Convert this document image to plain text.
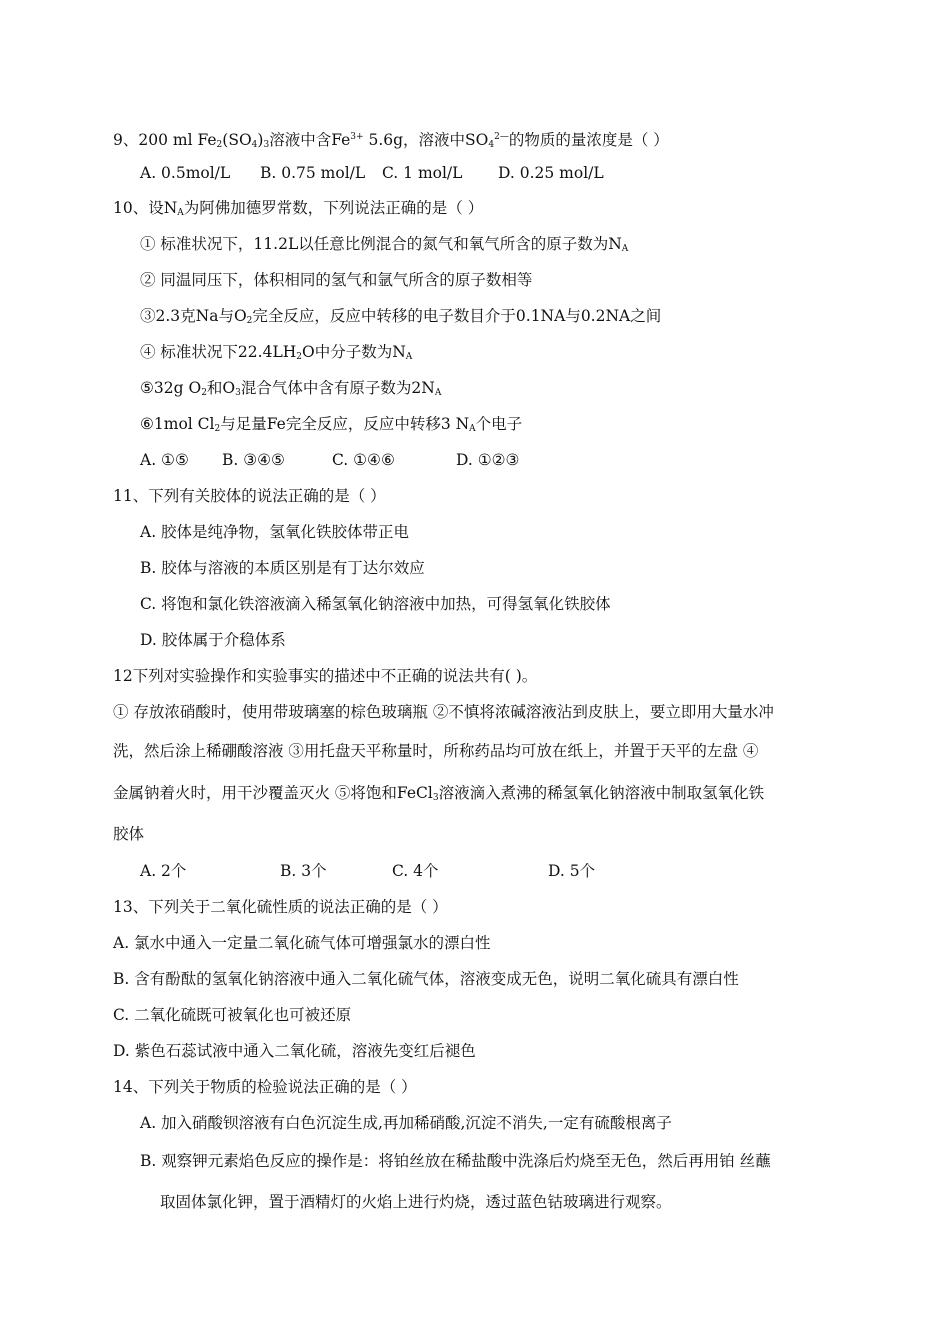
9、200 ml $Fe_2(SO_4)_3$溶液中含$Fe^{3+}$ 5.6g，溶液中$SO_4^{2—}$的物质的量浓度是（ ）
A. 0.5mol/L B. 0.75 mol/L C. 1 mol/L D. 0.25 mol/L
10、设$N_A$为阿佛加德罗常数，下列说法正确的是（ ）
① 标准状况下，11.2L以任意比例混合的氮气和氧气所含的原子数为$N_A$
② 同温同压下，体积相同的氢气和氩气所含的原子数相等
③2.3克Na与$O_2$完全反应，反应中转移的电子数目介于0.1NA与0.2NA之间
④ 标准状况下$22.4LH_2O$中分子数为$N_A$
⑤32g $O_2$和$O_3$混合气体中含有原子数为$2N_A$
⑥1mol $Cl_2$与足量Fe完全反应，反应中转移3 $N_A$个电子
A. ①⑤ B. ③④⑤	C. ①④⑥	D. ①②③
11、下列有关胶体的说法正确的是（ ）
A. 胶体是纯净物，氢氧化铁胶体带正电
B. 胶体与溶液的本质区别是有丁达尔效应
C. 将饱和氯化铁溶液滴入稀氢氧化钠溶液中加热，可得氢氧化铁胶体
D. 胶体属于介稳体系
12下列对实验操作和实验事实的描述中不正确的说法共有( )。
① 存放浓硝酸时，使用带玻璃塞的棕色玻璃瓶 ②不慎将浓碱溶液沾到皮肤上，要立即用大量水冲
洗，然后涂上稀硼酸溶液 ③用托盘天平称量时，所称药品均可放在纸上，并置于天平的左盘 ④
金属钠着火时，用干沙覆盖灭火 ⑤将饱和FeCl$_3$溶液滴入煮沸的稀氢氧化钠溶液中制取氢氧化铁
胶体
A. 2个	B. 3个	C. 4个	D. 5个
13、下列关于二氧化硫性质的说法正确的是（ ）
A. 氯水中通入一定量二氧化硫气体可增强氯水的漂白性
B. 含有酚酞的氢氧化钠溶液中通入二氧化硫气体，溶液变成无色，说明二氧化硫具有漂白性
C. 二氧化硫既可被氧化也可被还原
D. 紫色石蕊试液中通入二氧化硫，溶液先变红后褪色
14、下列关于物质的检验说法正确的是（ ）
A. 加入硝酸钡溶液有白色沉淀生成,再加稀硝酸,沉淀不消失,一定有硫酸根离子
B. 观察钾元素焰色反应的操作是：将铂丝放在稀盐酸中洗涤后灼烧至无色，然后再用铂 丝蘸
取固体氯化钾，置于酒精灯的火焰上进行灼烧，透过蓝色钴玻璃进行观察。
